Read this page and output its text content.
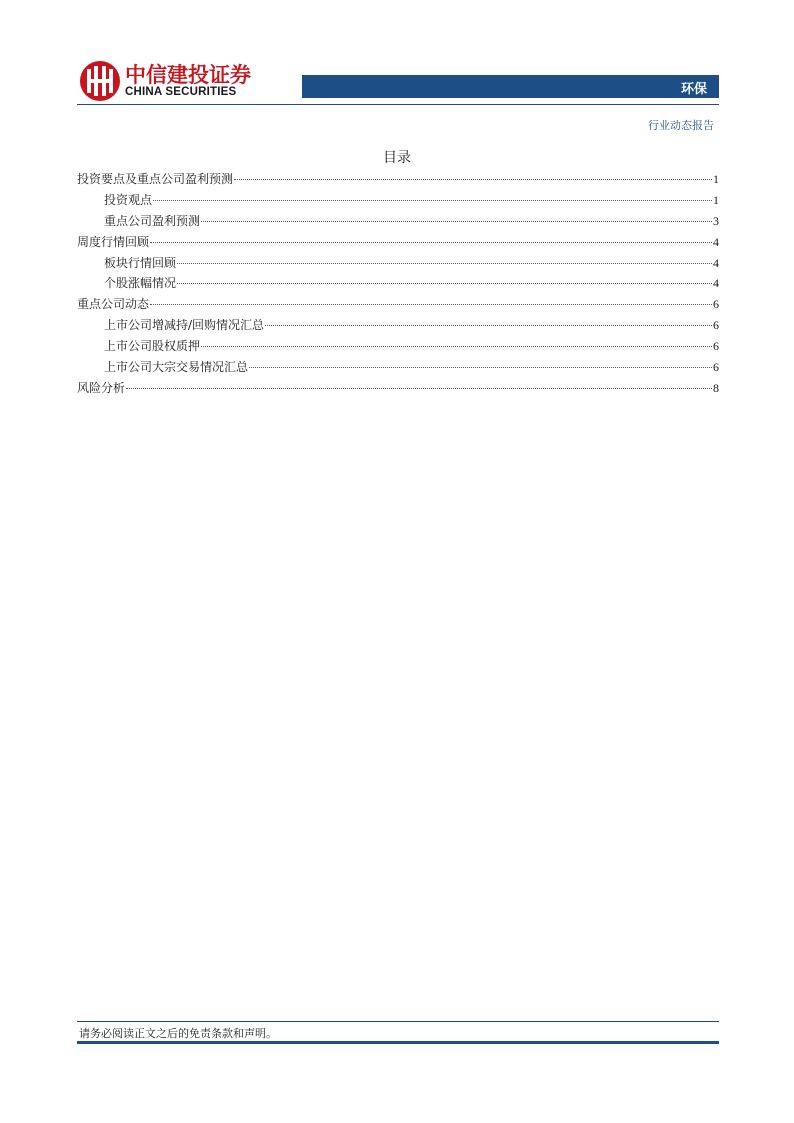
中信建投证券
CHINA SECURITIES	环保
行业动态报告
目录
投资要点及重点公司盈利预测	1
投资观点	1
重点公司盈利预测	3
周度行情回顾	4
板块行情回顾	4
个股涨幅情况	4
重点公司动态	6
上市公司增减持/回购情况汇总	6
上市公司股权质押	6
上市公司大宗交易情况汇总	6
风险分析	8
请务必阅读正文之后的免责条款和声明。
